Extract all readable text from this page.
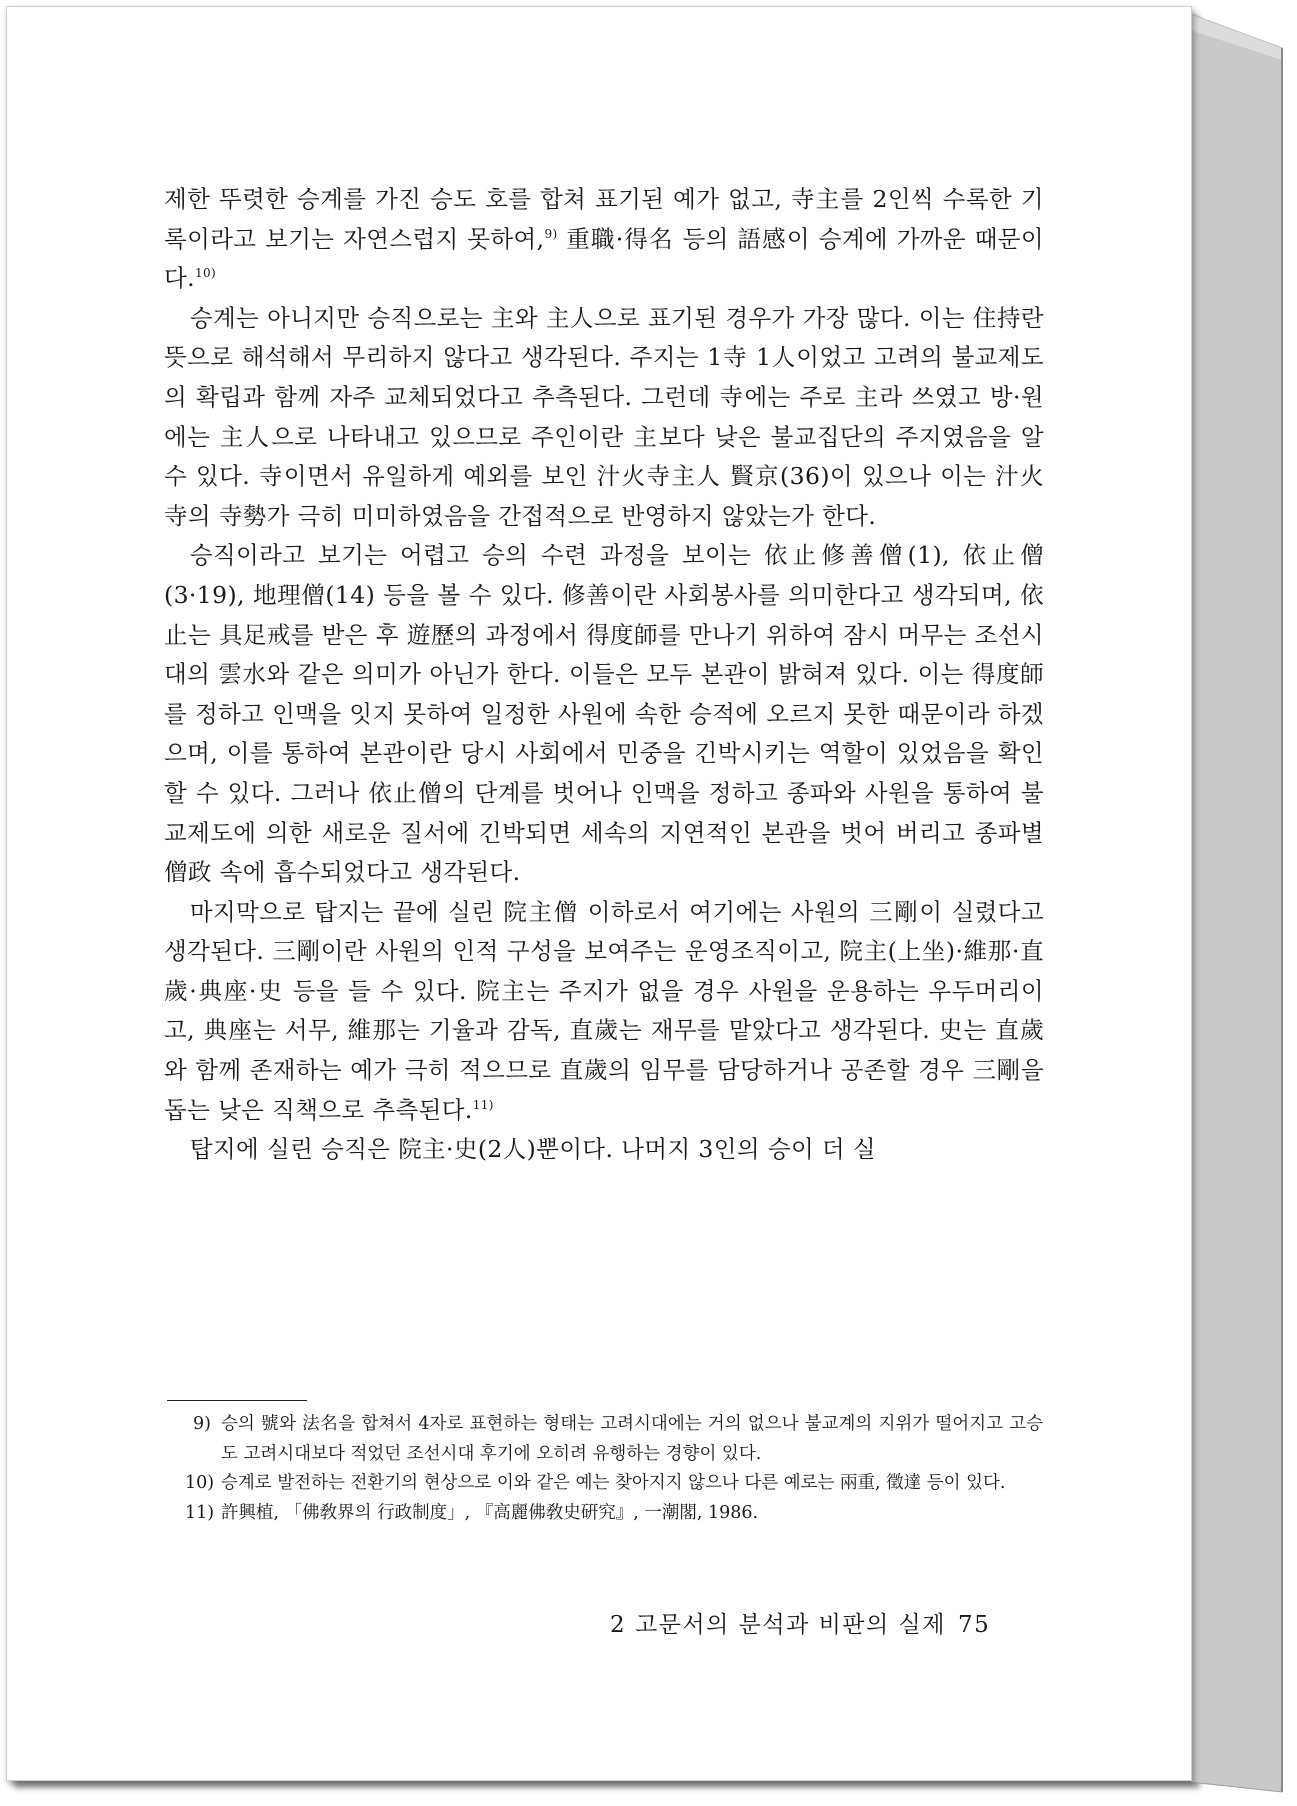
제한 뚜렷한 승계를 가진 승도 호를 합쳐 표기된 예가 없고, 寺主를 2인씩 수록한 기록이라고 보기는 자연스럽지 못하여,$^{9)}$ 重職·得名 등의 語感이 승계에 가까운 때문이다.$^{10)}$

승계는 아니지만 승직으로는 主와 主人으로 표기된 경우가 가장 많다. 이는 住持란 뜻으로 해석해서 무리하지 않다고 생각된다. 주지는 1寺 1人이었고 고려의 불교제도의 확립과 함께 자주 교체되었다고 추측된다. 그런데 寺에는 주로 主라 쓰였고 방·원에는 主人으로 나타내고 있으므로 주인이란 主보다 낮은 불교집단의 주지였음을 알 수 있다. 寺이면서 유일하게 예외를 보인 汁火寺主人 賢京(36)이 있으나 이는 汁火寺의 寺勢가 극히 미미하였음을 간접적으로 반영하지 않았는가 한다.

승직이라고 보기는 어렵고 승의 수련 과정을 보이는 依止修善僧(1), 依止僧(3·19), 地理僧(14) 등을 볼 수 있다. 修善이란 사회봉사를 의미한다고 생각되며, 依止는 具足戒를 받은 후 遊歷의 과정에서 得度師를 만나기 위하여 잠시 머무는 조선시대의 雲水와 같은 의미가 아닌가 한다. 이들은 모두 본관이 밝혀져 있다. 이는 得度師를 정하고 인맥을 잇지 못하여 일정한 사원에 속한 승적에 오르지 못한 때문이라 하겠으며, 이를 통하여 본관이란 당시 사회에서 민중을 긴박시키는 역할이 있었음을 확인할 수 있다. 그러나 依止僧의 단계를 벗어나 인맥을 정하고 종파와 사원을 통하여 불교제도에 의한 새로운 질서에 긴박되면 세속의 지연적인 본관을 벗어 버리고 종파별 僧政 속에 흡수되었다고 생각된다.

마지막으로 탑지는 끝에 실린 院主僧 이하로서 여기에는 사원의 三剛이 실렸다고 생각된다. 三剛이란 사원의 인적 구성을 보여주는 운영조직이고, 院主(上坐)·維那·直歲·典座·史 등을 들 수 있다. 院主는 주지가 없을 경우 사원을 운용하는 우두머리이고, 典座는 서무, 維那는 기율과 감독, 直歲는 재무를 맡았다고 생각된다. 史는 直歲와 함께 존재하는 예가 극히 적으므로 直歲의 임무를 담당하거나 공존할 경우 三剛을 돕는 낮은 직책으로 추측된다.$^{11)}$

탑지에 실린 승직은 院主·史(2人)뿐이다. 나머지 3인의 승이 더 실

9) 승의 號와 法名을 합쳐서 4자로 표현하는 형태는 고려시대에는 거의 없으나 불교계의 지위가 떨어지고 고승도 고려시대보다 적었던 조선시대 후기에 오히려 유행하는 경향이 있다.
10) 승계로 발전하는 전환기의 현상으로 이와 같은 예는 찾아지지 않으나 다른 예로는 兩重, 徵達 등이 있다.
11) 許興植, 「佛敎界의 行政制度」, 『高麗佛敎史硏究』, 一潮閣, 1986.
2 고문서의 분석과 비판의 실제 75
